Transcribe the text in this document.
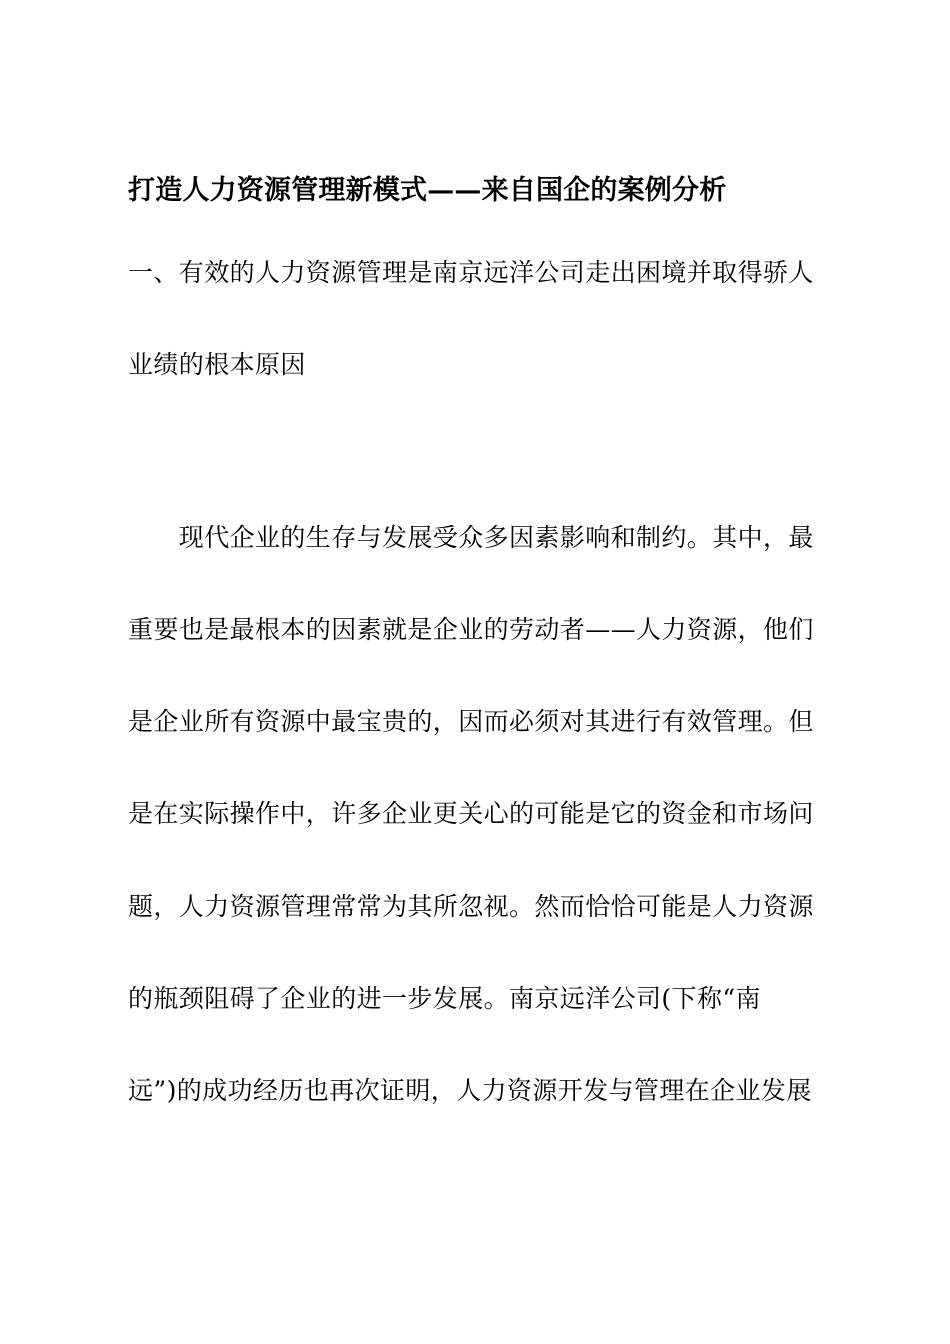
打造人力资源管理新模式——来自国企的案例分析
一、有效的人力资源管理是南京远洋公司走出困境并取得骄人
业绩的根本原因
　　现代企业的生存与发展受众多因素影响和制约。其中，最
重要也是最根本的因素就是企业的劳动者——人力资源，他们
是企业所有资源中最宝贵的，因而必须对其进行有效管理。但
是在实际操作中，许多企业更关心的可能是它的资金和市场问
题，人力资源管理常常为其所忽视。然而恰恰可能是人力资源
的瓶颈阻碍了企业的进一步发展。南京远洋公司(下称“南
远”)的成功经历也再次证明，人力资源开发与管理在企业发展
